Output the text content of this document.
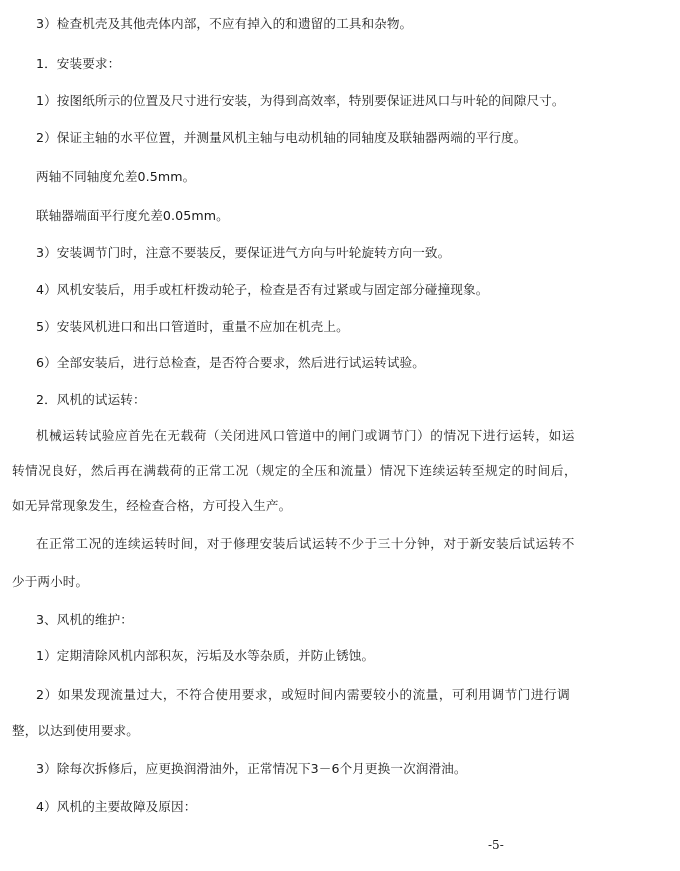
3）检查机壳及其他壳体内部，不应有掉入的和遗留的工具和杂物。
1．安装要求：
1）按图纸所示的位置及尺寸进行安装，为得到高效率，特别要保证进风口与叶轮的间隙尺寸。
2）保证主轴的水平位置，并测量风机主轴与电动机轴的同轴度及联轴器两端的平行度。
两轴不同轴度允差0.5mm。
联轴器端面平行度允差0.05mm。
3）安装调节门时，注意不要装反，要保证进气方向与叶轮旋转方向一致。
4）风机安装后，用手或杠杆拨动轮子，检查是否有过紧或与固定部分碰撞现象。
5）安装风机进口和出口管道时，重量不应加在机壳上。
6）全部安装后，进行总检查，是否符合要求，然后进行试运转试验。
2．风机的试运转：
机械运转试验应首先在无载荷（关闭进风口管道中的闸门或调节门）的情况下进行运转，如运
转情况良好，然后再在满载荷的正常工况（规定的全压和流量）情况下连续运转至规定的时间后，
如无异常现象发生，经检查合格，方可投入生产。
在正常工况的连续运转时间，对于修理安装后试运转不少于三十分钟，对于新安装后试运转不
少于两小时。
3、风机的维护：
1）定期清除风机内部积灰，污垢及水等杂质，并防止锈蚀。
2）如果发现流量过大，不符合使用要求，或短时间内需要较小的流量，可利用调节门进行调
整，以达到使用要求。
3）除每次拆修后，应更换润滑油外，正常情况下3－6个月更换一次润滑油。
4）风机的主要故障及原因：
-5-
